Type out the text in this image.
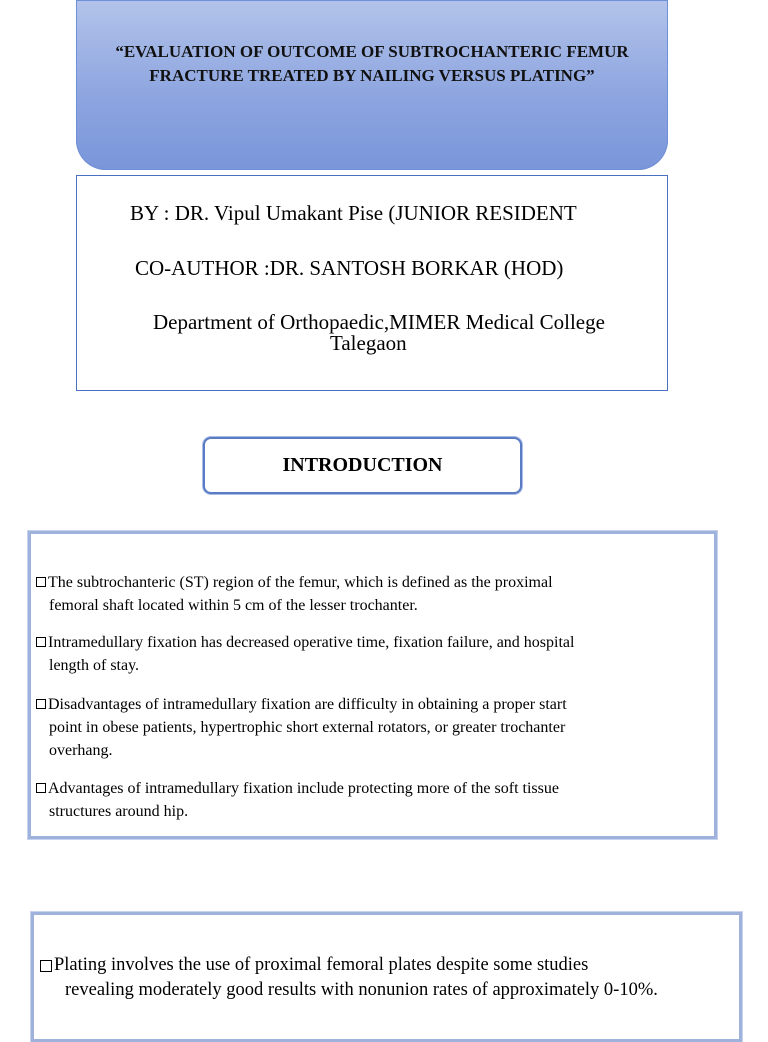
“EVALUATION OF OUTCOME OF SUBTROCHANTERIC FEMUR FRACTURE TREATED BY NAILING VERSUS PLATING”
BY : DR. Vipul Umakant Pise (JUNIOR RESIDENT
CO-AUTHOR :DR. SANTOSH BORKAR (HOD)
Department of Orthopaedic,MIMER Medical College
Talegaon
INTRODUCTION
The subtrochanteric (ST) region of the femur, which is defined as the proximal
femoral shaft located within 5 cm of the lesser trochanter.
Intramedullary fixation has decreased operative time, fixation failure, and hospital
length of stay.
Disadvantages of intramedullary fixation are difficulty in obtaining a proper start
point in obese patients, hypertrophic short external rotators, or greater trochanter
overhang.
Advantages of intramedullary fixation include protecting more of the soft tissue
structures around hip.
Plating involves the use of proximal femoral plates despite some studies
revealing moderately good results with nonunion rates of approximately 0-10%.
